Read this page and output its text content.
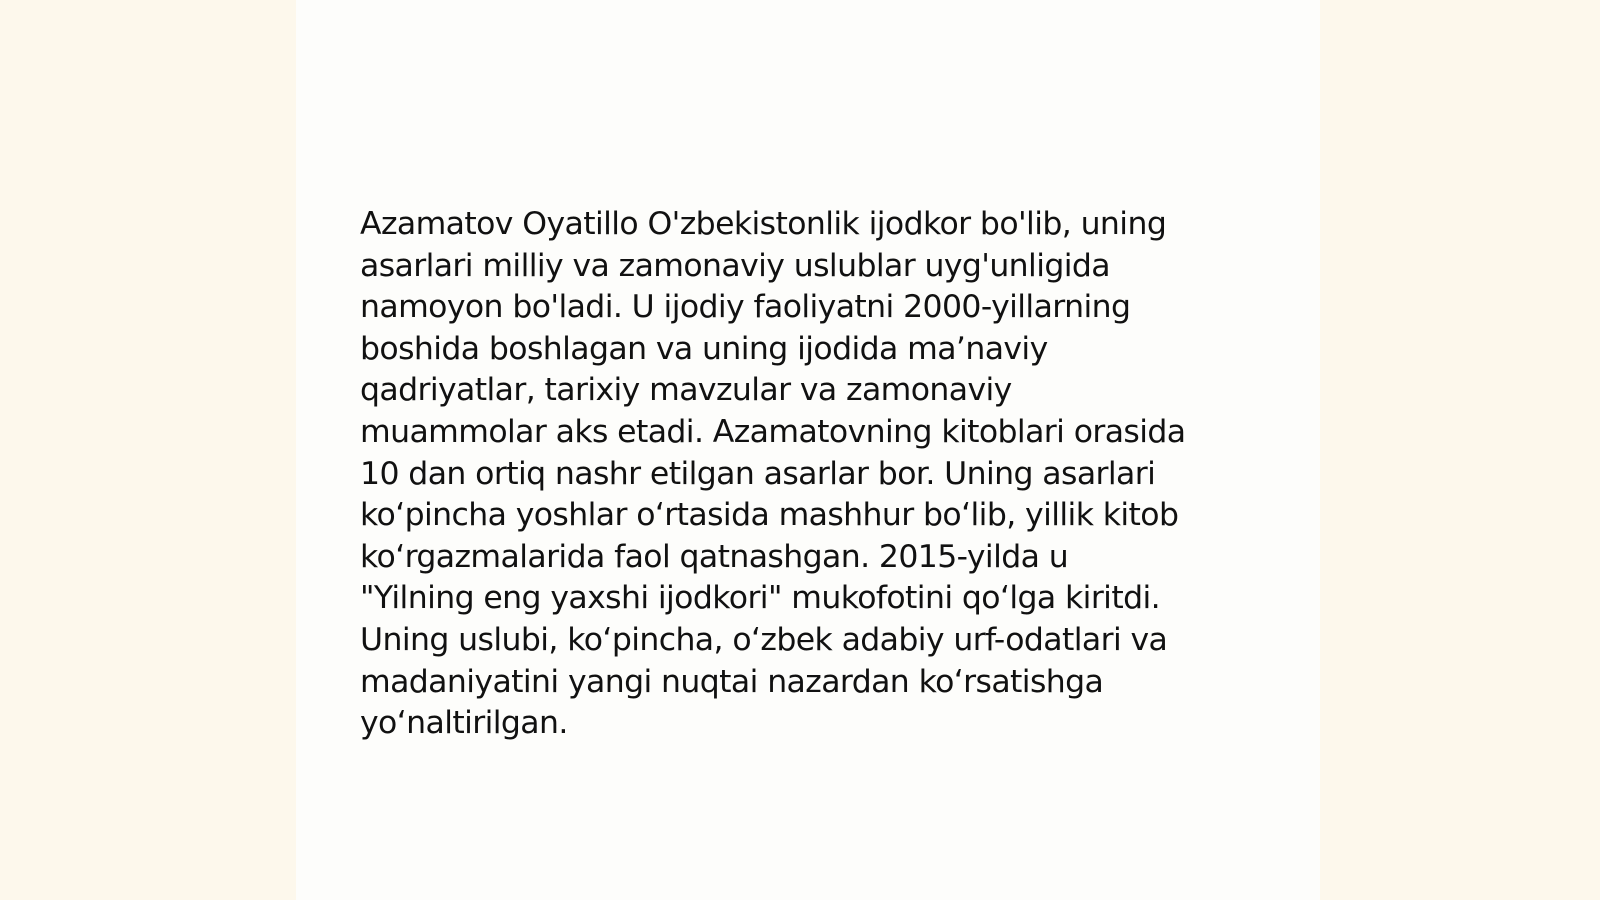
Azamatov Oyatillo O'zbekistonlik ijodkor bo'lib, uning
asarlari milliy va zamonaviy uslublar uyg'unligida
namoyon bo'ladi. U ijodiy faoliyatni 2000-yillarning
boshida boshlagan va uning ijodida ma’naviy
qadriyatlar, tarixiy mavzular va zamonaviy
muammolar aks etadi. Azamatovning kitoblari orasida
10 dan ortiq nashr etilgan asarlar bor. Uning asarlari
ko‘pincha yoshlar o‘rtasida mashhur bo‘lib, yillik kitob
ko‘rgazmalarida faol qatnashgan. 2015-yilda u
"Yilning eng yaxshi ijodkori" mukofotini qo‘lga kiritdi.
Uning uslubi, ko‘pincha, o‘zbek adabiy urf-odatlari va
madaniyatini yangi nuqtai nazardan ko‘rsatishga
yo‘naltirilgan.
